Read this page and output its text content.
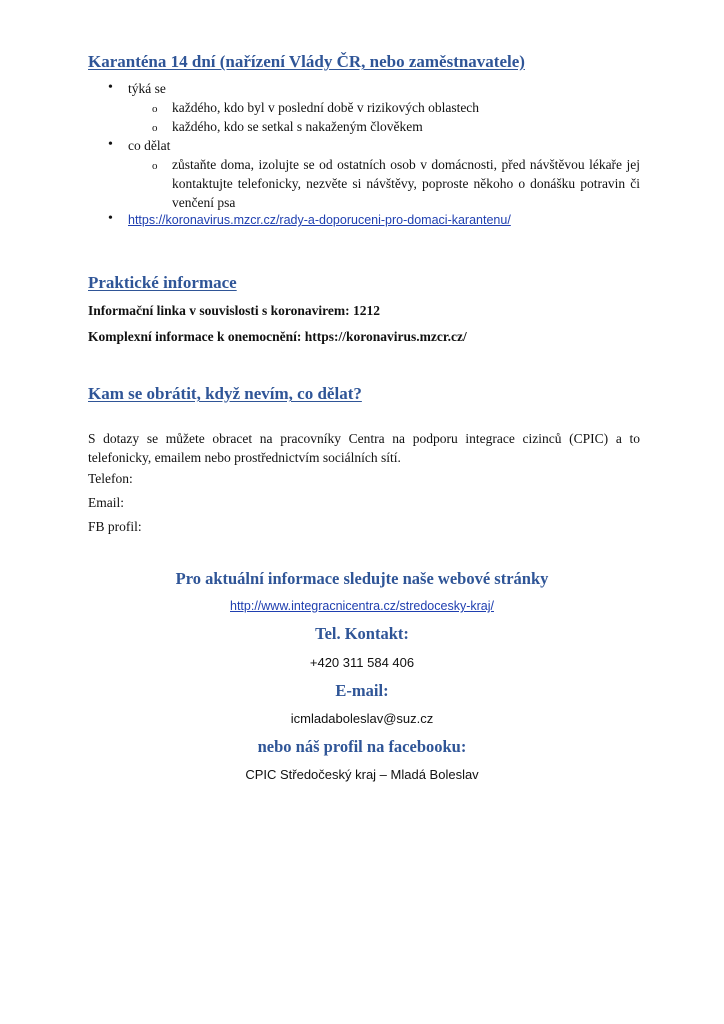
Karanténa 14 dní (nařízení Vlády ČR, nebo zaměstnavatele)
• týká se
o každého, kdo byl v poslední době v rizikových oblastech
o každého, kdo se setkal s nakaženým člověkem
• co dělat
o zůstaňte doma, izolujte se od ostatních osob v domácnosti, před návštěvou lékaře jej kontaktujte telefonicky, nezvěte si návštěvy, poproste někoho o donášku potravin či venčení psa
• https://koronavirus.mzcr.cz/rady-a-doporuceni-pro-domaci-karantenu/
Praktické informace
Informační linka v souvislosti s koronavirem: 1212
Komplexní informace k onemocnění: https://koronavirus.mzcr.cz/
Kam se obrátit, když nevím, co dělat?
S dotazy se můžete obracet na pracovníky Centra na podporu integrace cizinců (CPIC) a to telefonicky, emailem nebo prostřednictvím sociálních sítí.
Telefon:
Email:
FB profil:
Pro aktuální informace sledujte naše webové stránky
http://www.integracnicentra.cz/stredocesky-kraj/
Tel. Kontakt:
+420 311 584 406
E-mail:
icmladaboleslav@suz.cz
nebo náš profil na facebooku:
CPIC Středočeský kraj – Mladá Boleslav
